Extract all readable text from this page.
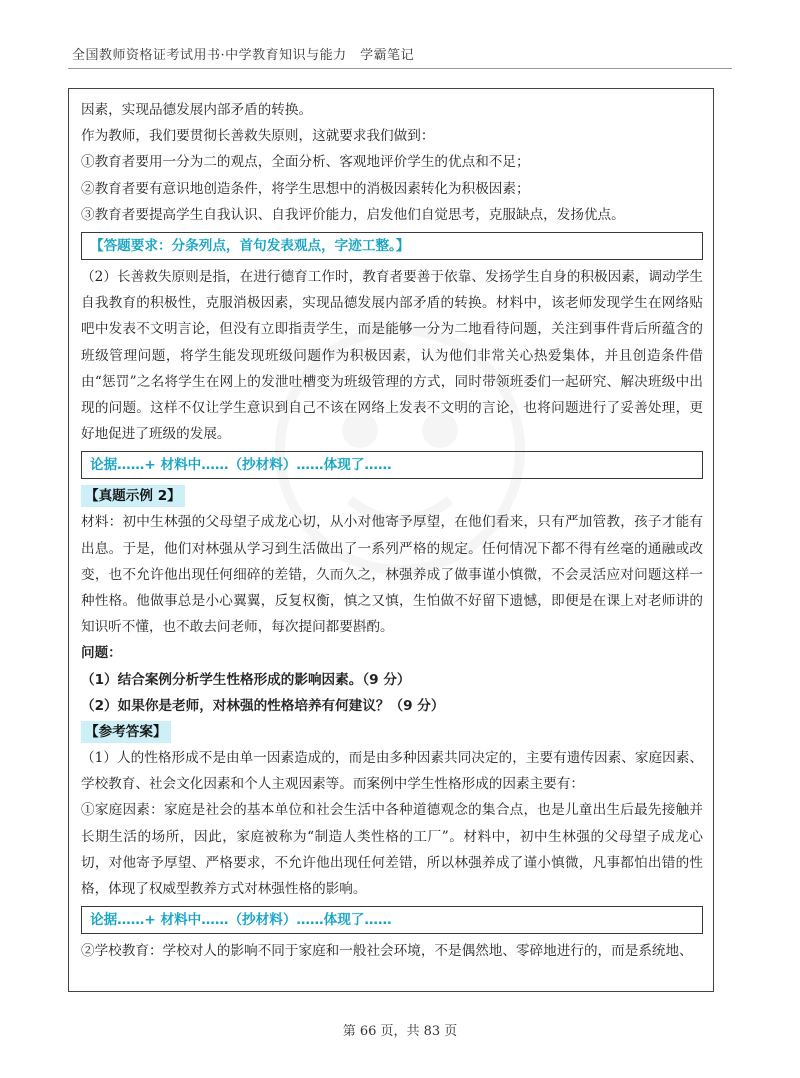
全国教师资格证考试用书·中学教育知识与能力　学霸笔记

因素，实现品德发展内部矛盾的转换。

作为教师，我们要贯彻长善救失原则，这就要求我们做到：

①教育者要用一分为二的观点，全面分析、客观地评价学生的优点和不足；

②教育者要有意识地创造条件，将学生思想中的消极因素转化为积极因素；

③教育者要提高学生自我认识、自我评价能力，启发他们自觉思考，克服缺点，发扬优点。

【答题要求：分条列点，首句发表观点，字迹工整。】

（2）长善救失原则是指，在进行德育工作时，教育者要善于依靠、发扬学生自身的积极因素，调动学生自我教育的积极性，克服消极因素，实现品德发展内部矛盾的转换。材料中，该老师发现学生在网络贴吧中发表不文明言论，但没有立即指责学生，而是能够一分为二地看待问题，关注到事件背后所蕴含的班级管理问题，将学生能发现班级问题作为积极因素，认为他们非常关心热爱集体，并且创造条件借由“惩罚”之名将学生在网上的发泄吐槽变为班级管理的方式，同时带领班委们一起研究、解决班级中出现的问题。这样不仅让学生意识到自己不该在网络上发表不文明的言论，也将问题进行了妥善处理，更好地促进了班级的发展。

论据……+ 材料中……（抄材料）……体现了……
【真题示例 2】

材料：初中生林强的父母望子成龙心切，从小对他寄予厚望，在他们看来，只有严加管教，孩子才能有出息。于是，他们对林强从学习到生活做出了一系列严格的规定。任何情况下都不得有丝毫的通融或改变，也不允许他出现任何细碎的差错，久而久之，林强养成了做事谨小慎微，不会灵活应对问题这样一种性格。他做事总是小心翼翼，反复权衡，慎之又慎，生怕做不好留下遗憾，即便是在课上对老师讲的知识听不懂，也不敢去问老师，每次提问都要斟酌。

问题：

（1）结合案例分析学生性格形成的影响因素。（9 分）

（2）如果你是老师，对林强的性格培养有何建议？（9 分）

【参考答案】

（1）人的性格形成不是由单一因素造成的，而是由多种因素共同决定的，主要有遗传因素、家庭因素、学校教育、社会文化因素和个人主观因素等。而案例中学生性格形成的因素主要有：

①家庭因素：家庭是社会的基本单位和社会生活中各种道德观念的集合点，也是儿童出生后最先接触并长期生活的场所，因此，家庭被称为“制造人类性格的工厂”。材料中，初中生林强的父母望子成龙心切，对他寄予厚望、严格要求，不允许他出现任何差错，所以林强养成了谨小慎微，凡事都怕出错的性格，体现了权威型教养方式对林强性格的影响。

论据……+ 材料中……（抄材料）……体现了……

②学校教育：学校对人的影响不同于家庭和一般社会环境，不是偶然地、零碎地进行的，而是系统地、

第 66 页，共 83 页
